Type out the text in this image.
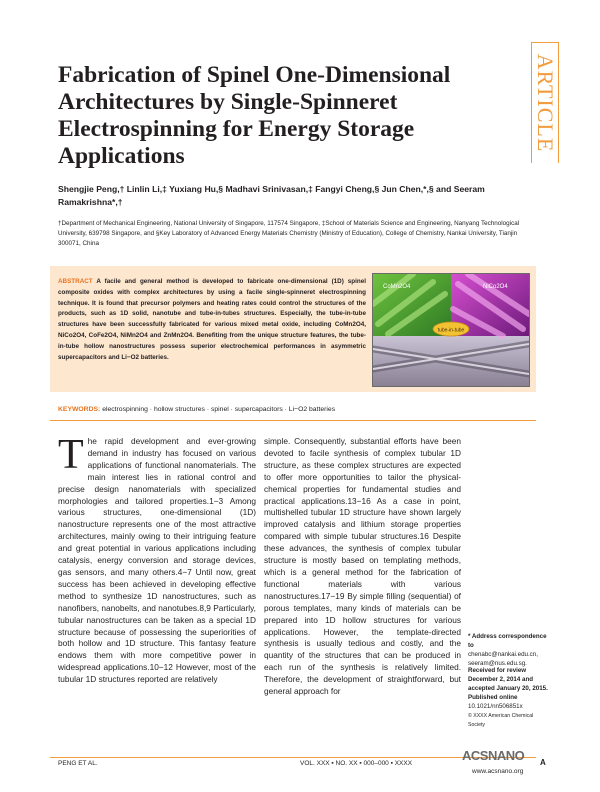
ARTICLE
Fabrication of Spinel One-Dimensional Architectures by Single-Spinneret Electrospinning for Energy Storage Applications
Shengjie Peng,† Linlin Li,‡ Yuxiang Hu,§ Madhavi Srinivasan,‡ Fangyi Cheng,§ Jun Chen,*,§ and Seeram Ramakrishna*,†
†Department of Mechanical Engineering, National University of Singapore, 117574 Singapore, ‡School of Materials Science and Engineering, Nanyang Technological University, 639798 Singapore, and §Key Laboratory of Advanced Energy Materials Chemistry (Ministry of Education), College of Chemistry, Nankai University, Tianjin 300071, China
ABSTRACT A facile and general method is developed to fabricate one-dimensional (1D) spinel composite oxides with complex architectures by using a facile single-spinneret electrospinning technique. It is found that precursor polymers and heating rates could control the structures of the products, such as 1D solid, nanotube and tube-in-tubes structures. Especially, the tube-in-tube structures have been successfully fabricated for various mixed metal oxide, including CoMn2O4, NiCo2O4, CoFe2O4, NiMn2O4 and ZnMn2O4. Benefiting from the unique structure features, the tube-in-tube hollow nanostructures possess superior electrochemical performances in asymmetric supercapacitors and Li−O2 batteries.
tube-in-tube
CoMn2O4	NiCo2O4
KEYWORDS: electrospinning · hollow structures · spinel · supercapacitors · Li−O2 batteries
The rapid development and ever-growing demand in industry has focused on various applications of functional nanomaterials. The main interest lies in rational control and precise design nanomaterials with specialized morphologies and tailored properties.1−3 Among various structures, one-dimensional (1D) nanostructure represents one of the most attractive architectures, mainly owing to their intriguing feature and great potential in various applications including catalysis, energy conversion and storage devices, gas sensors, and many others.4−7 Until now, great success has been achieved in developing effective method to synthesize 1D nanostructures, such as nanofibers, nanobelts, and nanotubes.8,9 Particularly, tubular nanostructures can be taken as a special 1D structure because of possessing the superiorities of both hollow and 1D structure. This fantasy feature endows them with more competitive power in widespread applications.10−12 However, most of the tubular 1D structures reported are relatively
simple. Consequently, substantial efforts have been devoted to facile synthesis of complex tubular 1D structure, as these complex structures are expected to offer more opportunities to tailor the physical-chemical properties for fundamental studies and practical applications.13−16 As a case in point, multishelled tubular 1D structure have shown largely improved catalysis and lithium storage properties compared with simple tubular structures.16 Despite these advances, the synthesis of complex tubular structure is mostly based on templating methods, which is a general method for the fabrication of functional materials with various nanostructures.17−19 By simple filling (sequential) of porous templates, many kinds of materials can be prepared into 1D hollow structures for various applications. However, the template-directed synthesis is usually tedious and costly, and the quantity of the structures that can be produced in each run of the synthesis is relatively limited. Therefore, the development of straightforward, but general approach for
* Address correspondence to
chenabc@nankai.edu.cn, seeram@nus.edu.sg.
Received for review December 2, 2014 and accepted January 20, 2015.
Published online
10.1021/nn506851x
© XXXX American Chemical Society
PENG ET AL.	VOL. XXX ▪ NO. XX ▪ 000–000 ▪ XXXX
ACSNANO A
www.acsnano.org
